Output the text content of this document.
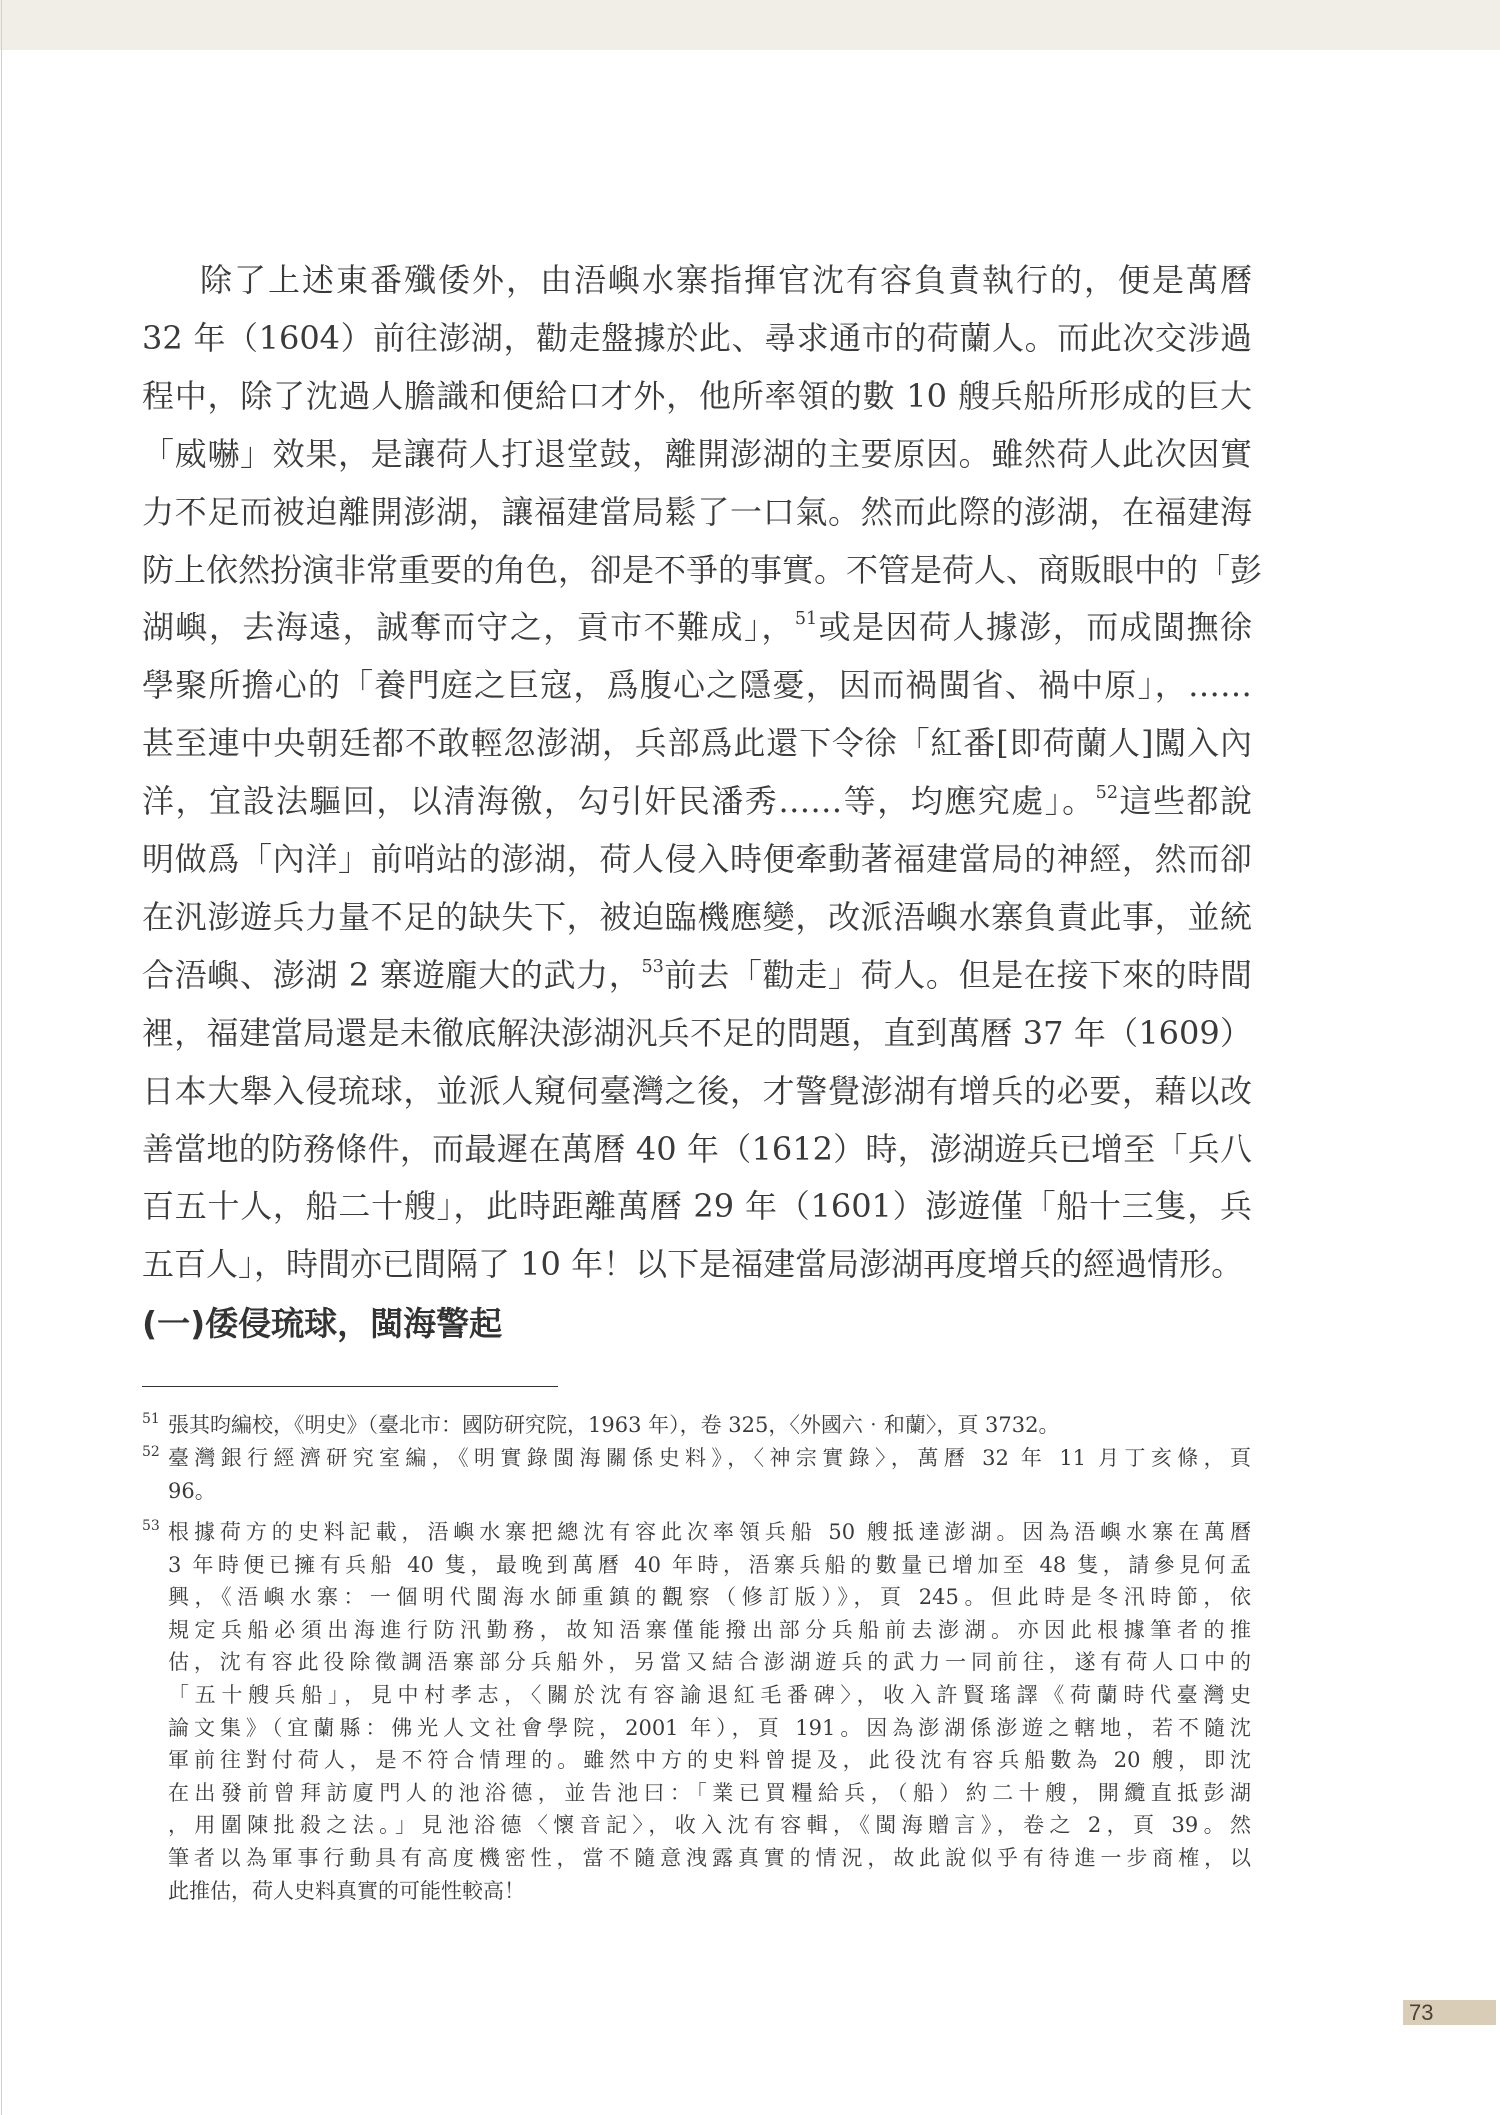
除了上述東番殲倭外，由浯嶼水寨指揮官沈有容負責執行的，便是萬曆
32 年（1604）前往澎湖，勸走盤據於此、尋求通市的荷蘭人。而此次交涉過
程中，除了沈過人膽識和便給口才外，他所率領的數 10 艘兵船所形成的巨大
「威嚇」效果，是讓荷人打退堂鼓，離開澎湖的主要原因。雖然荷人此次因實
力不足而被迫離開澎湖，讓福建當局鬆了一口氣。然而此際的澎湖，在福建海
防上依然扮演非常重要的角色，卻是不爭的事實。不管是荷人、商販眼中的「彭
湖嶼，去海遠，誠奪而守之，貢市不難成」，$^{51}$或是因荷人據澎，而成閩撫徐
學聚所擔心的「養門庭之巨寇，爲腹心之隱憂，因而禍閩省、禍中原」，……
甚至連中央朝廷都不敢輕忽澎湖，兵部爲此還下令徐「紅番[即荷蘭人]闖入內
洋，宜設法驅回，以清海徼，勾引奸民潘秀……等，均應究處」。$^{52}$這些都說
明做爲「內洋」前哨站的澎湖，荷人侵入時便牽動著福建當局的神經，然而卻
在汎澎遊兵力量不足的缺失下，被迫臨機應變，改派浯嶼水寨負責此事，並統
合浯嶼、澎湖 2 寨遊龐大的武力，$^{53}$前去「勸走」荷人。但是在接下來的時間
裡，福建當局還是未徹底解決澎湖汎兵不足的問題，直到萬曆 37 年（1609）
日本大舉入侵琉球，並派人窺伺臺灣之後，才警覺澎湖有增兵的必要，藉以改
善當地的防務條件，而最遲在萬曆 40 年（1612）時，澎湖遊兵已增至「兵八
百五十人，船二十艘」，此時距離萬曆 29 年（1601）澎遊僅「船十三隻，兵
五百人」，時間亦已間隔了 10 年！以下是福建當局澎湖再度增兵的經過情形。
(一)倭侵琉球，閩海警起
51 張其昀編校，《明史》（臺北市：國防研究院，1963 年），卷 325，〈外國六‧和蘭〉，頁 3732。
52 臺灣銀行經濟研究室編，《明實錄閩海關係史料》，〈神宗實錄〉，萬曆 32 年 11 月丁亥條，頁
96。
53 根據荷方的史料記載，浯嶼水寨把總沈有容此次率領兵船 50 艘抵達澎湖。因為浯嶼水寨在萬曆
3 年時便已擁有兵船 40 隻，最晚到萬曆 40 年時，浯寨兵船的數量已增加至 48 隻，請參見何孟
興，《浯嶼水寨：一個明代閩海水師重鎮的觀察（修訂版）》，頁 245。但此時是冬汛時節，依
規定兵船必須出海進行防汛勤務，故知浯寨僅能撥出部分兵船前去澎湖。亦因此根據筆者的推
估，沈有容此役除徵調浯寨部分兵船外，另當又結合澎湖遊兵的武力一同前往，遂有荷人口中的
「五十艘兵船」，見中村孝志，〈關於沈有容諭退紅毛番碑〉，收入許賢瑤譯《荷蘭時代臺灣史
論文集》（宜蘭縣：佛光人文社會學院，2001 年），頁 191。因為澎湖係澎遊之轄地，若不隨沈
軍前往對付荷人，是不符合情理的。雖然中方的史料曾提及，此役沈有容兵船數為 20 艘，即沈
在出發前曾拜訪廈門人的池浴德，並告池曰：「業已買糧給兵，（船）約二十艘，開纜直抵彭湖
，用圍陳批殺之法。」見池浴德〈懷音記〉，收入沈有容輯，《閩海贈言》，卷之 2，頁 39。然
筆者以為軍事行動具有高度機密性，當不隨意洩露真實的情況，故此說似乎有待進一步商榷，以
此推估，荷人史料真實的可能性較高！
73
